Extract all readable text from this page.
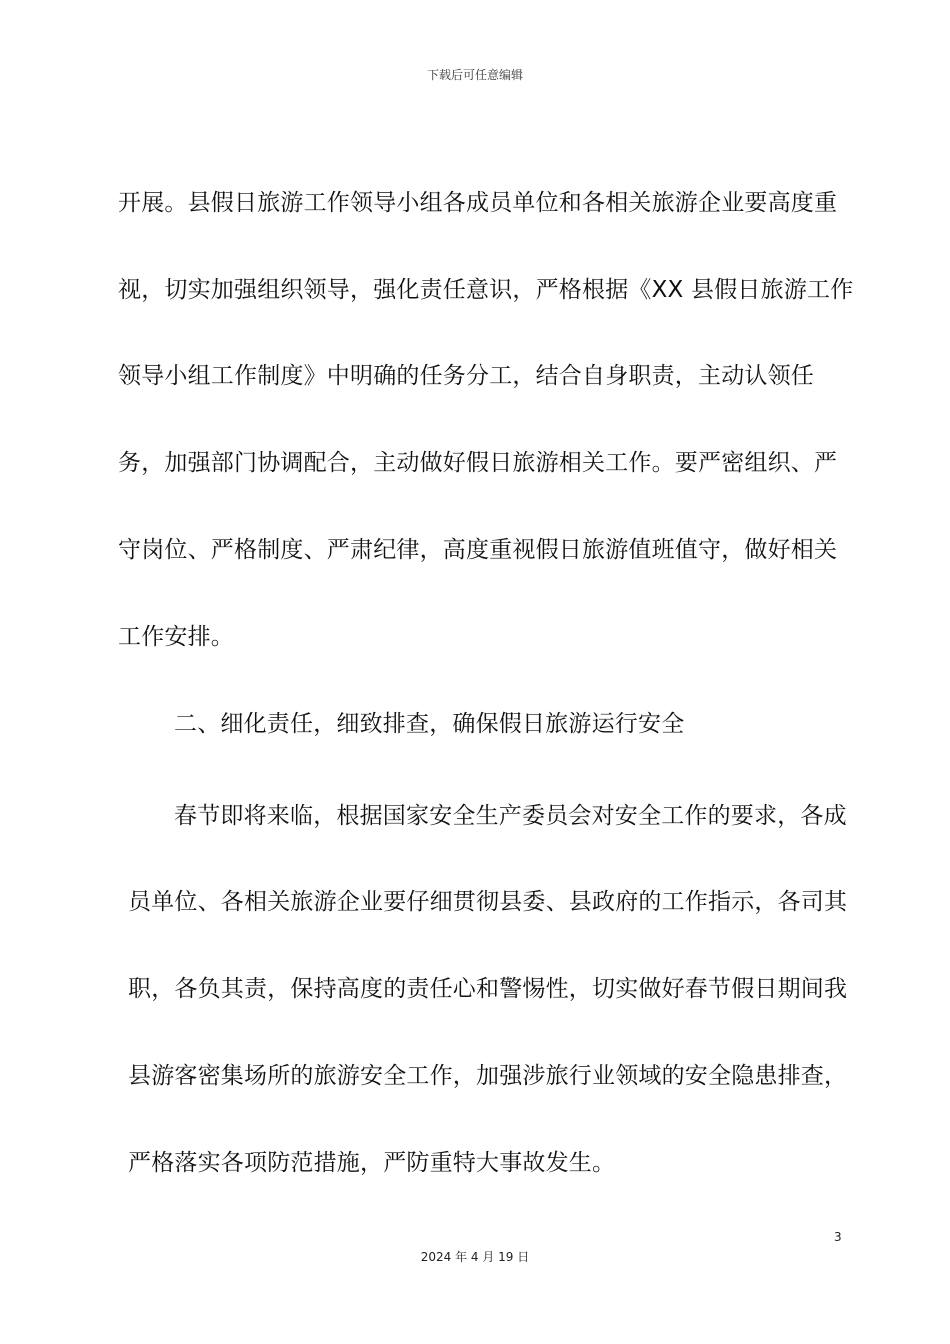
下载后可任意编辑
开展。县假日旅游工作领导小组各成员单位和各相关旅游企业要高度重
视，切实加强组织领导，强化责任意识，严格根据《XX 县假日旅游工作
领导小组工作制度》中明确的任务分工，结合自身职责，主动认领任
务，加强部门协调配合，主动做好假日旅游相关工作。要严密组织、严
守岗位、严格制度、严肃纪律，高度重视假日旅游值班值守，做好相关
工作安排。
二、细化责任，细致排查，确保假日旅游运行安全
春节即将来临，根据国家安全生产委员会对安全工作的要求，各成
员单位、各相关旅游企业要仔细贯彻县委、县政府的工作指示，各司其
职，各负其责，保持高度的责任心和警惕性，切实做好春节假日期间我
县游客密集场所的旅游安全工作，加强涉旅行业领域的安全隐患排查，
严格落实各项防范措施，严防重特大事故发生。
3
2024 年 4 月 19 日
